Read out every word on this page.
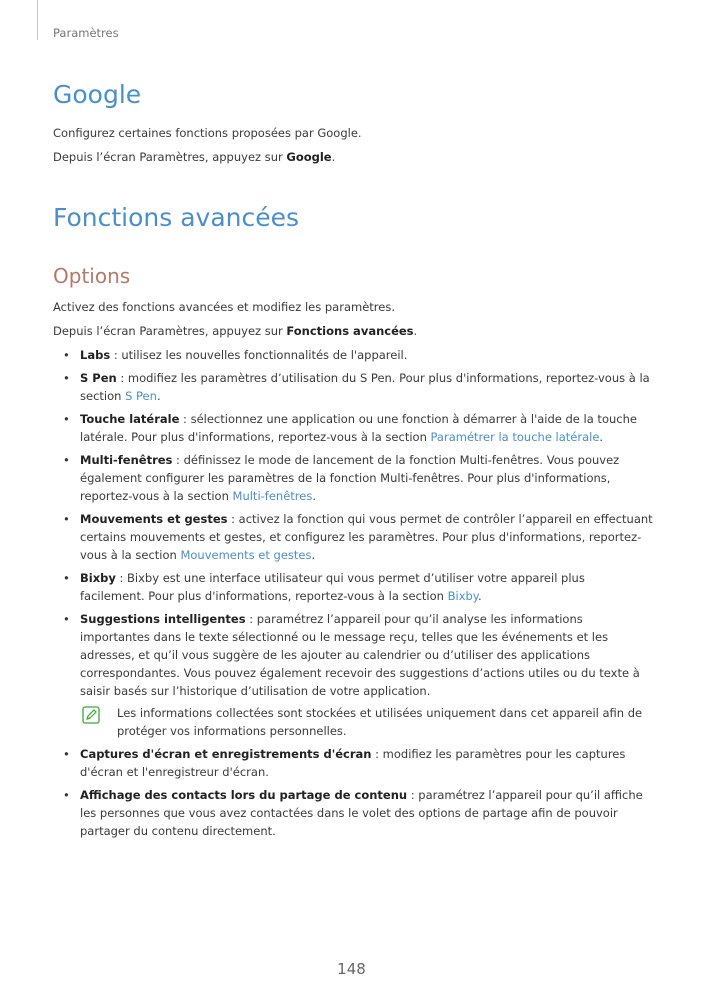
Paramètres
Google

Configurez certaines fonctions proposées par Google.

Depuis l’écran Paramètres, appuyez sur Google.

Fonctions avancées
Options

Activez des fonctions avancées et modifiez les paramètres.

Depuis l’écran Paramètres, appuyez sur Fonctions avancées.

• Labs : utilisez les nouvelles fonctionnalités de l'appareil.
• S Pen : modifiez les paramètres d’utilisation du S Pen. Pour plus d'informations, reportez-vous à la section S Pen.
• Touche latérale : sélectionnez une application ou une fonction à démarrer à l'aide de la touche latérale. Pour plus d'informations, reportez-vous à la section Paramétrer la touche latérale.
• Multi-fenêtres : définissez le mode de lancement de la fonction Multi-fenêtres. Vous pouvez également configurer les paramètres de la fonction Multi-fenêtres. Pour plus d'informations, reportez-vous à la section Multi-fenêtres.
• Mouvements et gestes : activez la fonction qui vous permet de contrôler l’appareil en effectuant certains mouvements et gestes, et configurez les paramètres. Pour plus d'informations, reportez-vous à la section Mouvements et gestes.
• Bixby : Bixby est une interface utilisateur qui vous permet d’utiliser votre appareil plus facilement. Pour plus d'informations, reportez-vous à la section Bixby.
• Suggestions intelligentes : paramétrez l’appareil pour qu’il analyse les informations importantes dans le texte sélectionné ou le message reçu, telles que les événements et les adresses, et qu’il vous suggère de les ajouter au calendrier ou d’utiliser des applications correspondantes. Vous pouvez également recevoir des suggestions d’actions utiles ou du texte à saisir basés sur l’historique d’utilisation de votre application.
Les informations collectées sont stockées et utilisées uniquement dans cet appareil afin de protéger vos informations personnelles.
• Captures d'écran et enregistrements d'écran : modifiez les paramètres pour les captures d'écran et l'enregistreur d'écran.
• Affichage des contacts lors du partage de contenu : paramétrez l’appareil pour qu’il affiche les personnes que vous avez contactées dans le volet des options de partage afin de pouvoir partager du contenu directement.
148
